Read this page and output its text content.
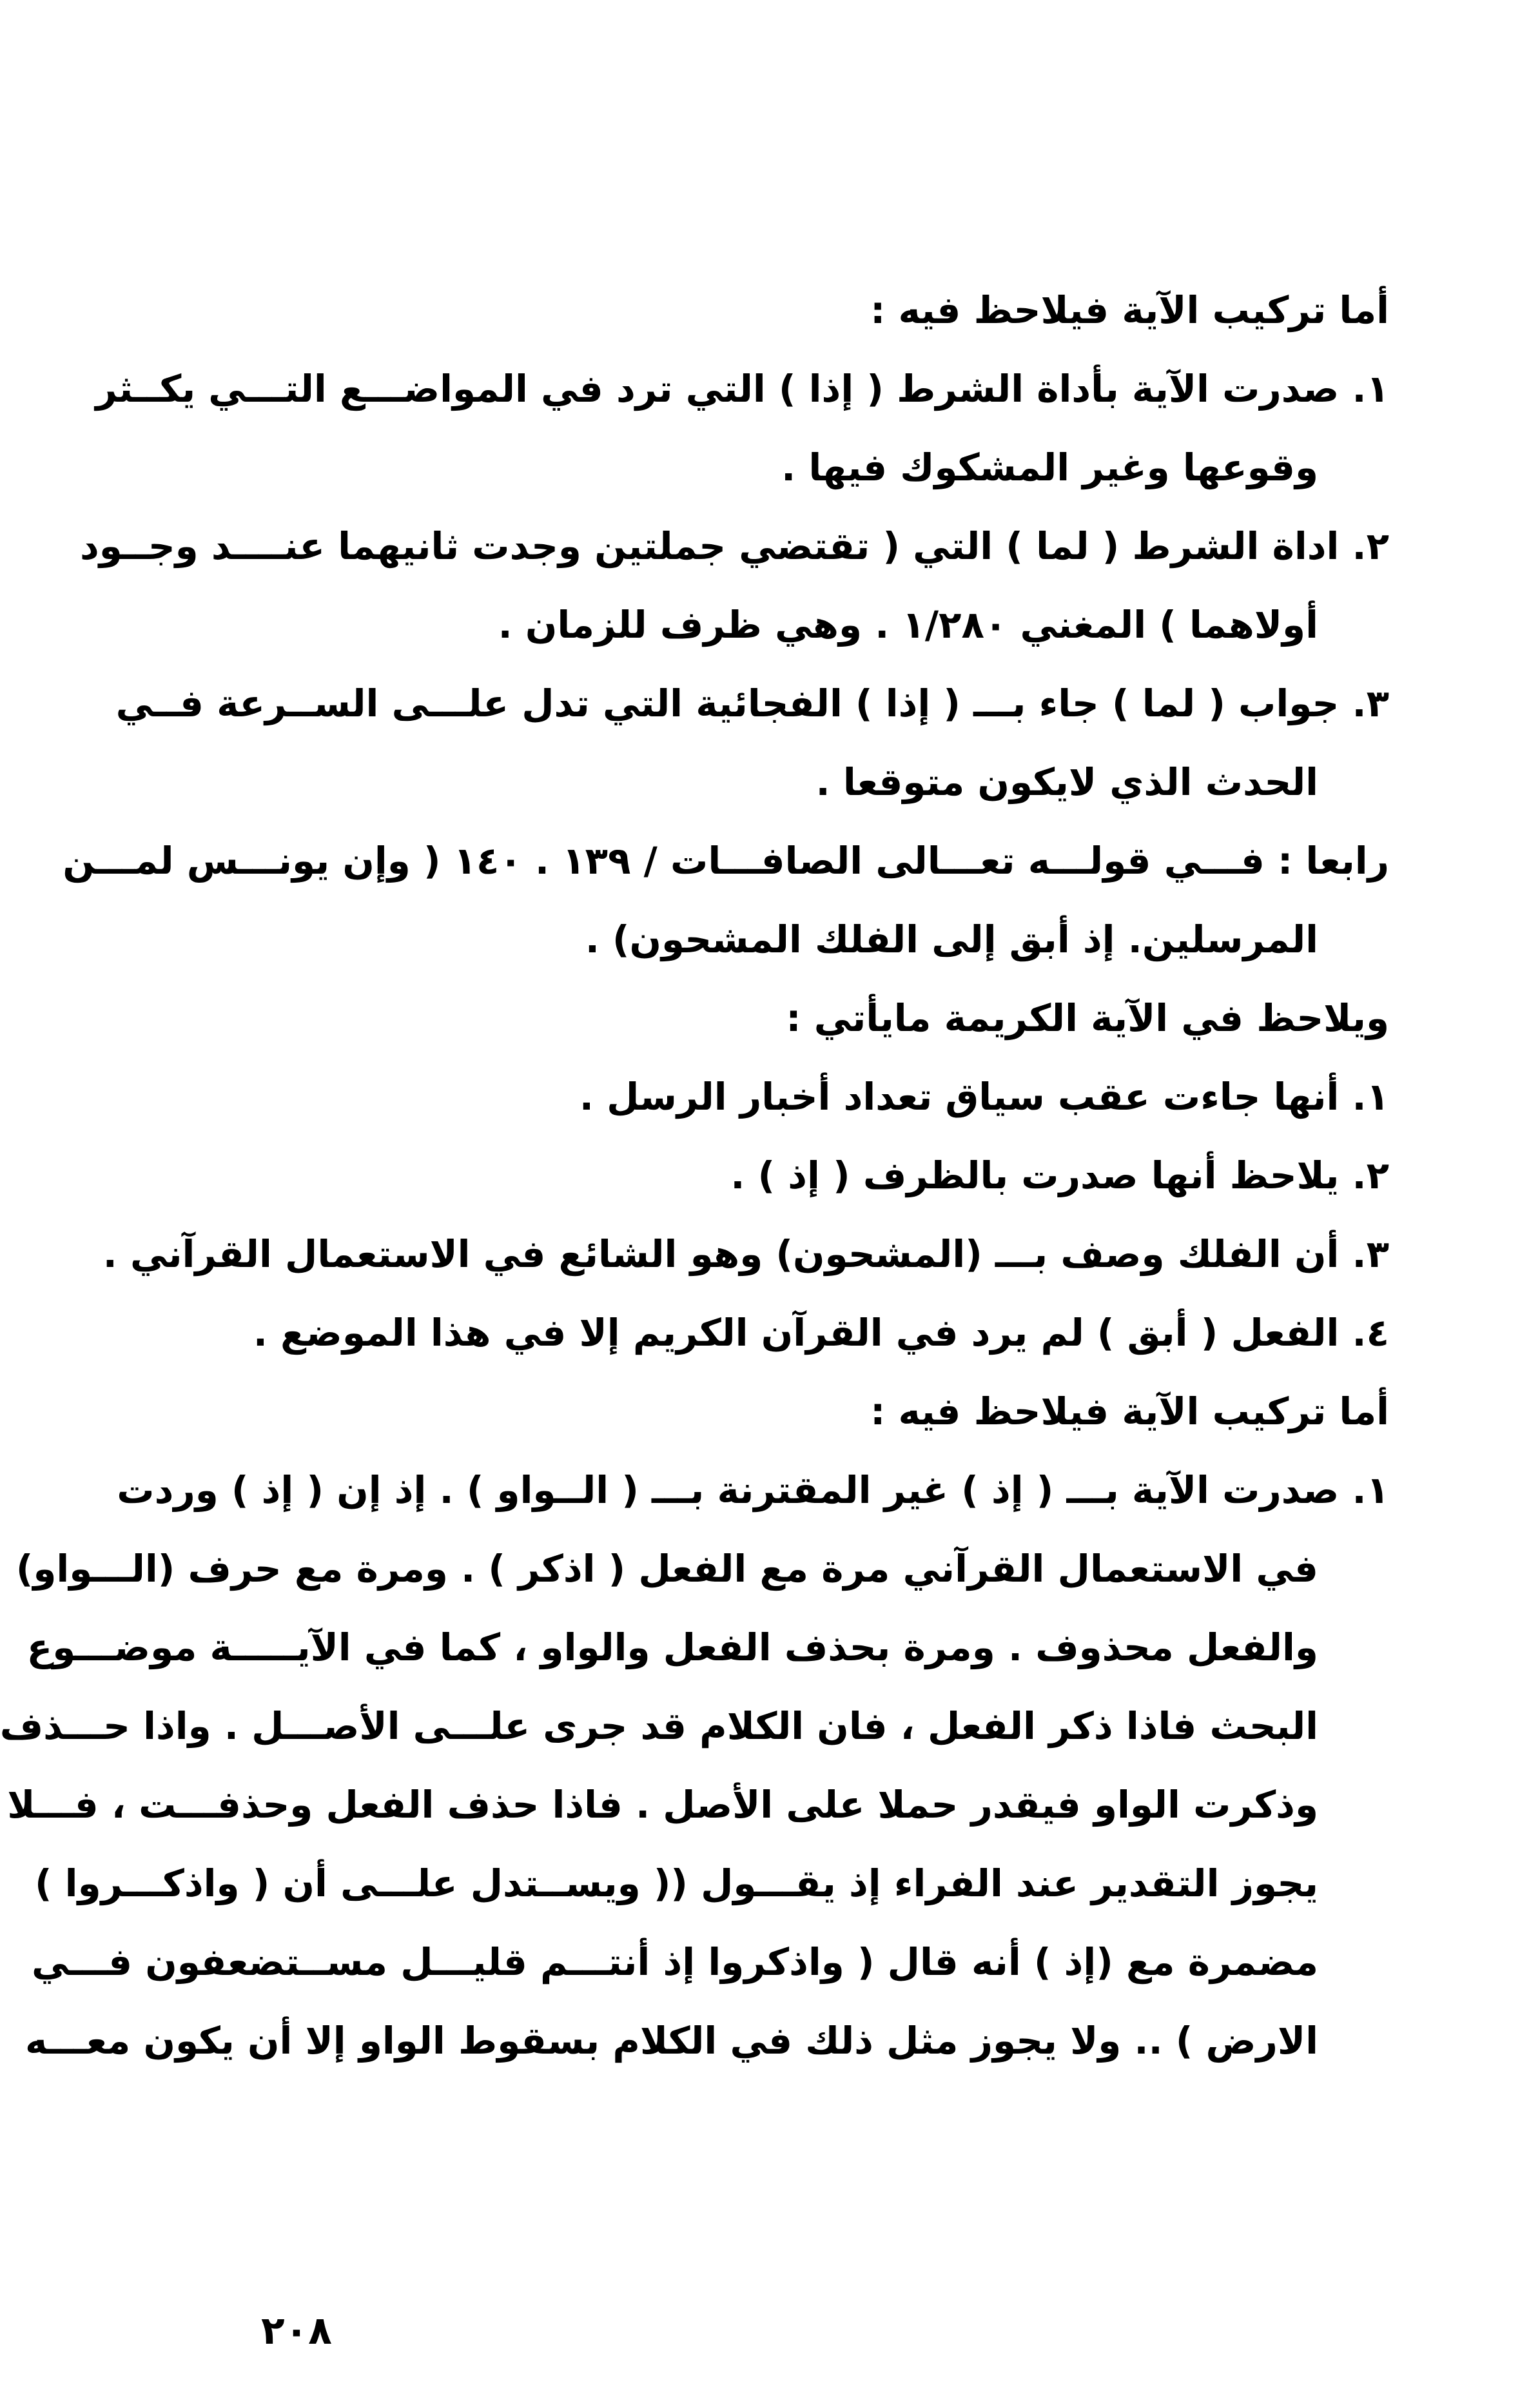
أما تركيب الآية فيلاحظ فيه :
١. صدرت الآية بأداة الشرط ( إذا ) التي ترد في المواضـــع التـــي يكــثر
وقوعها وغير المشكوك فيها .
٢. اداة الشرط ( لما ) التي ( تقتضي جملتين وجدت ثانيهما عنــــد وجــود
أولاهما ) المغني ١/٢٨٠ . وهي ظرف للزمان .
٣. جواب ( لما ) جاء بـــ ( إذا ) الفجائية التي تدل علـــى الســرعة فــي
الحدث الذي لايكون متوقعا .
رابعا : فـــي قولـــه تعـــالى الصافـــات / ١٣٩ . ١٤٠ ( وإن يونـــس لمـــن
المرسلين. إذ أبق إلى الفلك المشحون) .
ويلاحظ في الآية الكريمة مايأتي :
١. أنها جاءت عقب سياق تعداد أخبار الرسل .
٢. يلاحظ أنها صدرت بالظرف ( إذ ) .
٣. أن الفلك وصف بـــ (المشحون) وهو الشائع في الاستعمال القرآني .
٤. الفعل ( أبق ) لم يرد في القرآن الكريم إلا في هذا الموضع .
أما تركيب الآية فيلاحظ فيه :
١. صدرت الآية بـــ ( إذ ) غير المقترنة بـــ ( الــواو ) . إذ إن ( إذ ) وردت
في الاستعمال القرآني مرة مع الفعل ( اذكر ) . ومرة مع حرف (الـــواو)
والفعل محذوف . ومرة بحذف الفعل والواو ، كما في الآيـــــة موضـــوع
البحث فاذا ذكر الفعل ، فان الكلام قد جرى علـــى الأصـــل . واذا حـــذف
وذكرت الواو فيقدر حملا على الأصل . فاذا حذف الفعل وحذفـــت ، فـــلا
يجوز التقدير عند الفراء إذ يقـــول (( ويســتدل علـــى أن ( واذكـــروا )
مضمرة مع (إذ ) أنه قال ( واذكروا إذ أنتـــم قليـــل مســتضعفون فـــي
الارض ) .. ولا يجوز مثل ذلك في الكلام بسقوط الواو إلا أن يكون معـــه
٢٠٨
